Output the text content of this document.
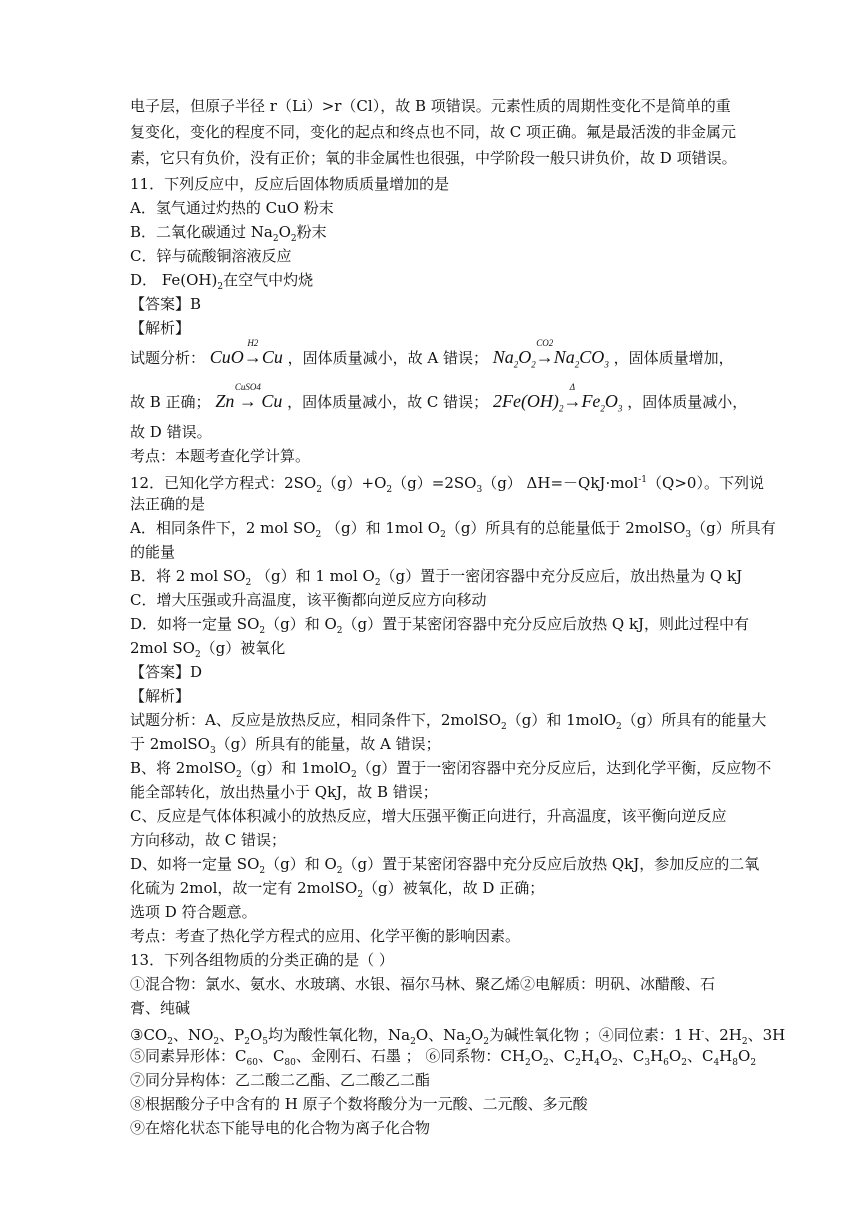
电子层，但原子半径 r（Li）>r（Cl），故 B 项错误。元素性质的周期性变化不是简单的重
复变化，变化的程度不同，变化的起点和终点也不同，故 C 项正确。氟是最活泼的非金属元
素，它只有负价，没有正价；氧的非金属性也很强，中学阶段一般只讲负价，故 D 项错误。
11．下列反应中，反应后固体物质质量增加的是
A．氢气通过灼热的 CuO 粉末
B．二氧化碳通过 $Na_2O_2$粉末
C．锌与硫酸铜溶液反应
D． $Fe(OH)_2$在空气中灼烧
【答案】B
【解析】
试题分析： CuO
H2
→Cu ，固体质量减小，故 A 错误； $Na_2O_2$
CO2
$\to Na_2CO_3$ ，固体质量增加，
故 B 正确； Zn
CuSO4
→ Cu ，固体质量减小，故 C 错误； $2Fe(OH)_2$
Δ
$\to Fe_2O_3$ ，固体质量减小，
故 D 错误。
考点：本题考查化学计算。
12．已知化学方程式：$2SO_2(g)+O_2(g)=2SO_3(g)$ ΔH=－QkJ·mol$^{-1}$（Q>0）。下列说
法正确的是
A．相同条件下，2 mol $SO_2$ （g）和 1mol $O_2(g)$所具有的总能量低于 2molSO$_3$（g）所具有
的能量
B．将 2 mol $SO_2$ （g）和 1 mol $O_2(g)$置于一密闭容器中充分反应后，放出热量为 Q kJ
C．增大压强或升高温度，该平衡都向逆反应方向移动
D．如将一定量 $SO_2(g)$和 $O_2(g)$置于某密闭容器中充分反应后放热 Q kJ，则此过程中有
2mol $SO_2(g)$被氧化
【答案】D
【解析】
试题分析：A、反应是放热反应，相同条件下，2molSO$_2$（g）和 1molO$_2$（g）所具有的能量大
于 2molSO$_3$（g）所具有的能量，故 A 错误；
B、将 2molSO$_2$（g）和 1molO$_2$（g）置于一密闭容器中充分反应后，达到化学平衡，反应物不
能全部转化，放出热量小于 QkJ，故 B 错误；
C、反应是气体体积减小的放热反应，增大压强平衡正向进行，升高温度，该平衡向逆反应
方向移动，故 C 错误；
D、如将一定量 $SO_2(g)$和 $O_2(g)$置于某密闭容器中充分反应后放热 QkJ，参加反应的二氧
化硫为 2mol，故一定有 2molSO$_2$（g）被氧化，故 D 正确；
选项 D 符合题意。
考点：考查了热化学方程式的应用、化学平衡的影响因素。
13．下列各组物质的分类正确的是（ ）
①混合物：氯水、氨水、水玻璃、水银、福尔马林、聚乙烯②电解质：明矾、冰醋酸、石
膏、纯碱
$③CO_2$、$NO_2$、$P_2O_5$均为酸性氧化物，$Na_2O$、$Na_2O_2$为碱性氧化物 ；④同位素：1 H-、$2H_2$、3H
⑤同素异形体：$C_{60}$、$C_{80}$、金刚石、石墨 ； ⑥同系物：$CH_2O_2$、$C_2H_4O_2$、$C_3H_6O_2$、$C_4H_8O_2$
⑦同分异构体：乙二酸二乙酯、乙二酸乙二酯
⑧根据酸分子中含有的 H 原子个数将酸分为一元酸、二元酸、多元酸
⑨在熔化状态下能导电的化合物为离子化合物
